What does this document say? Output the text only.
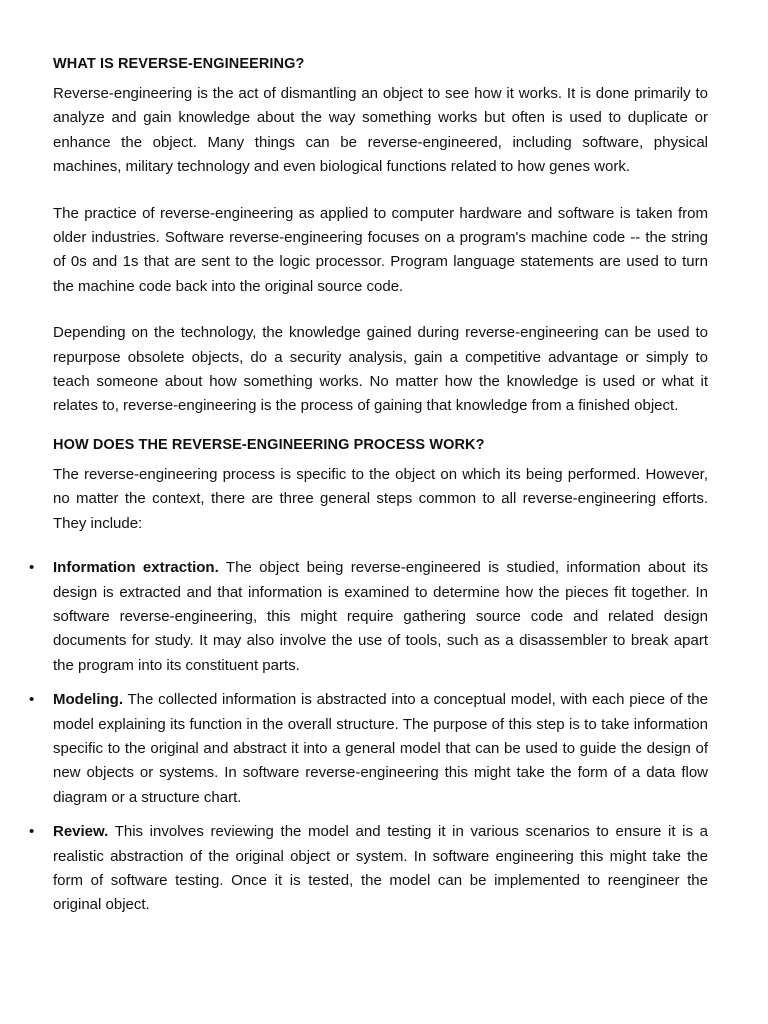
WHAT IS REVERSE-ENGINEERING?

Reverse-engineering is the act of dismantling an object to see how it works. It is done primarily to analyze and gain knowledge about the way something works but often is used to duplicate or enhance the object. Many things can be reverse-engineered, including software, physical machines, military technology and even biological functions related to how genes work.

The practice of reverse-engineering as applied to computer hardware and software is taken from older industries. Software reverse-engineering focuses on a program's machine code -- the string of 0s and 1s that are sent to the logic processor. Program language statements are used to turn the machine code back into the original source code.

Depending on the technology, the knowledge gained during reverse-engineering can be used to repurpose obsolete objects, do a security analysis, gain a competitive advantage or simply to teach someone about how something works. No matter how the knowledge is used or what it relates to, reverse-engineering is the process of gaining that knowledge from a finished object.

HOW DOES THE REVERSE-ENGINEERING PROCESS WORK?

The reverse-engineering process is specific to the object on which its being performed. However, no matter the context, there are three general steps common to all reverse-engineering efforts. They include:

• Information extraction. The object being reverse-engineered is studied, information about its design is extracted and that information is examined to determine how the pieces fit together. In software reverse-engineering, this might require gathering source code and related design documents for study. It may also involve the use of tools, such as a disassembler to break apart the program into its constituent parts.
• Modeling. The collected information is abstracted into a conceptual model, with each piece of the model explaining its function in the overall structure. The purpose of this step is to take information specific to the original and abstract it into a general model that can be used to guide the design of new objects or systems. In software reverse-engineering this might take the form of a data flow diagram or a structure chart.
• Review. This involves reviewing the model and testing it in various scenarios to ensure it is a realistic abstraction of the original object or system. In software engineering this might take the form of software testing. Once it is tested, the model can be implemented to reengineer the original object.
